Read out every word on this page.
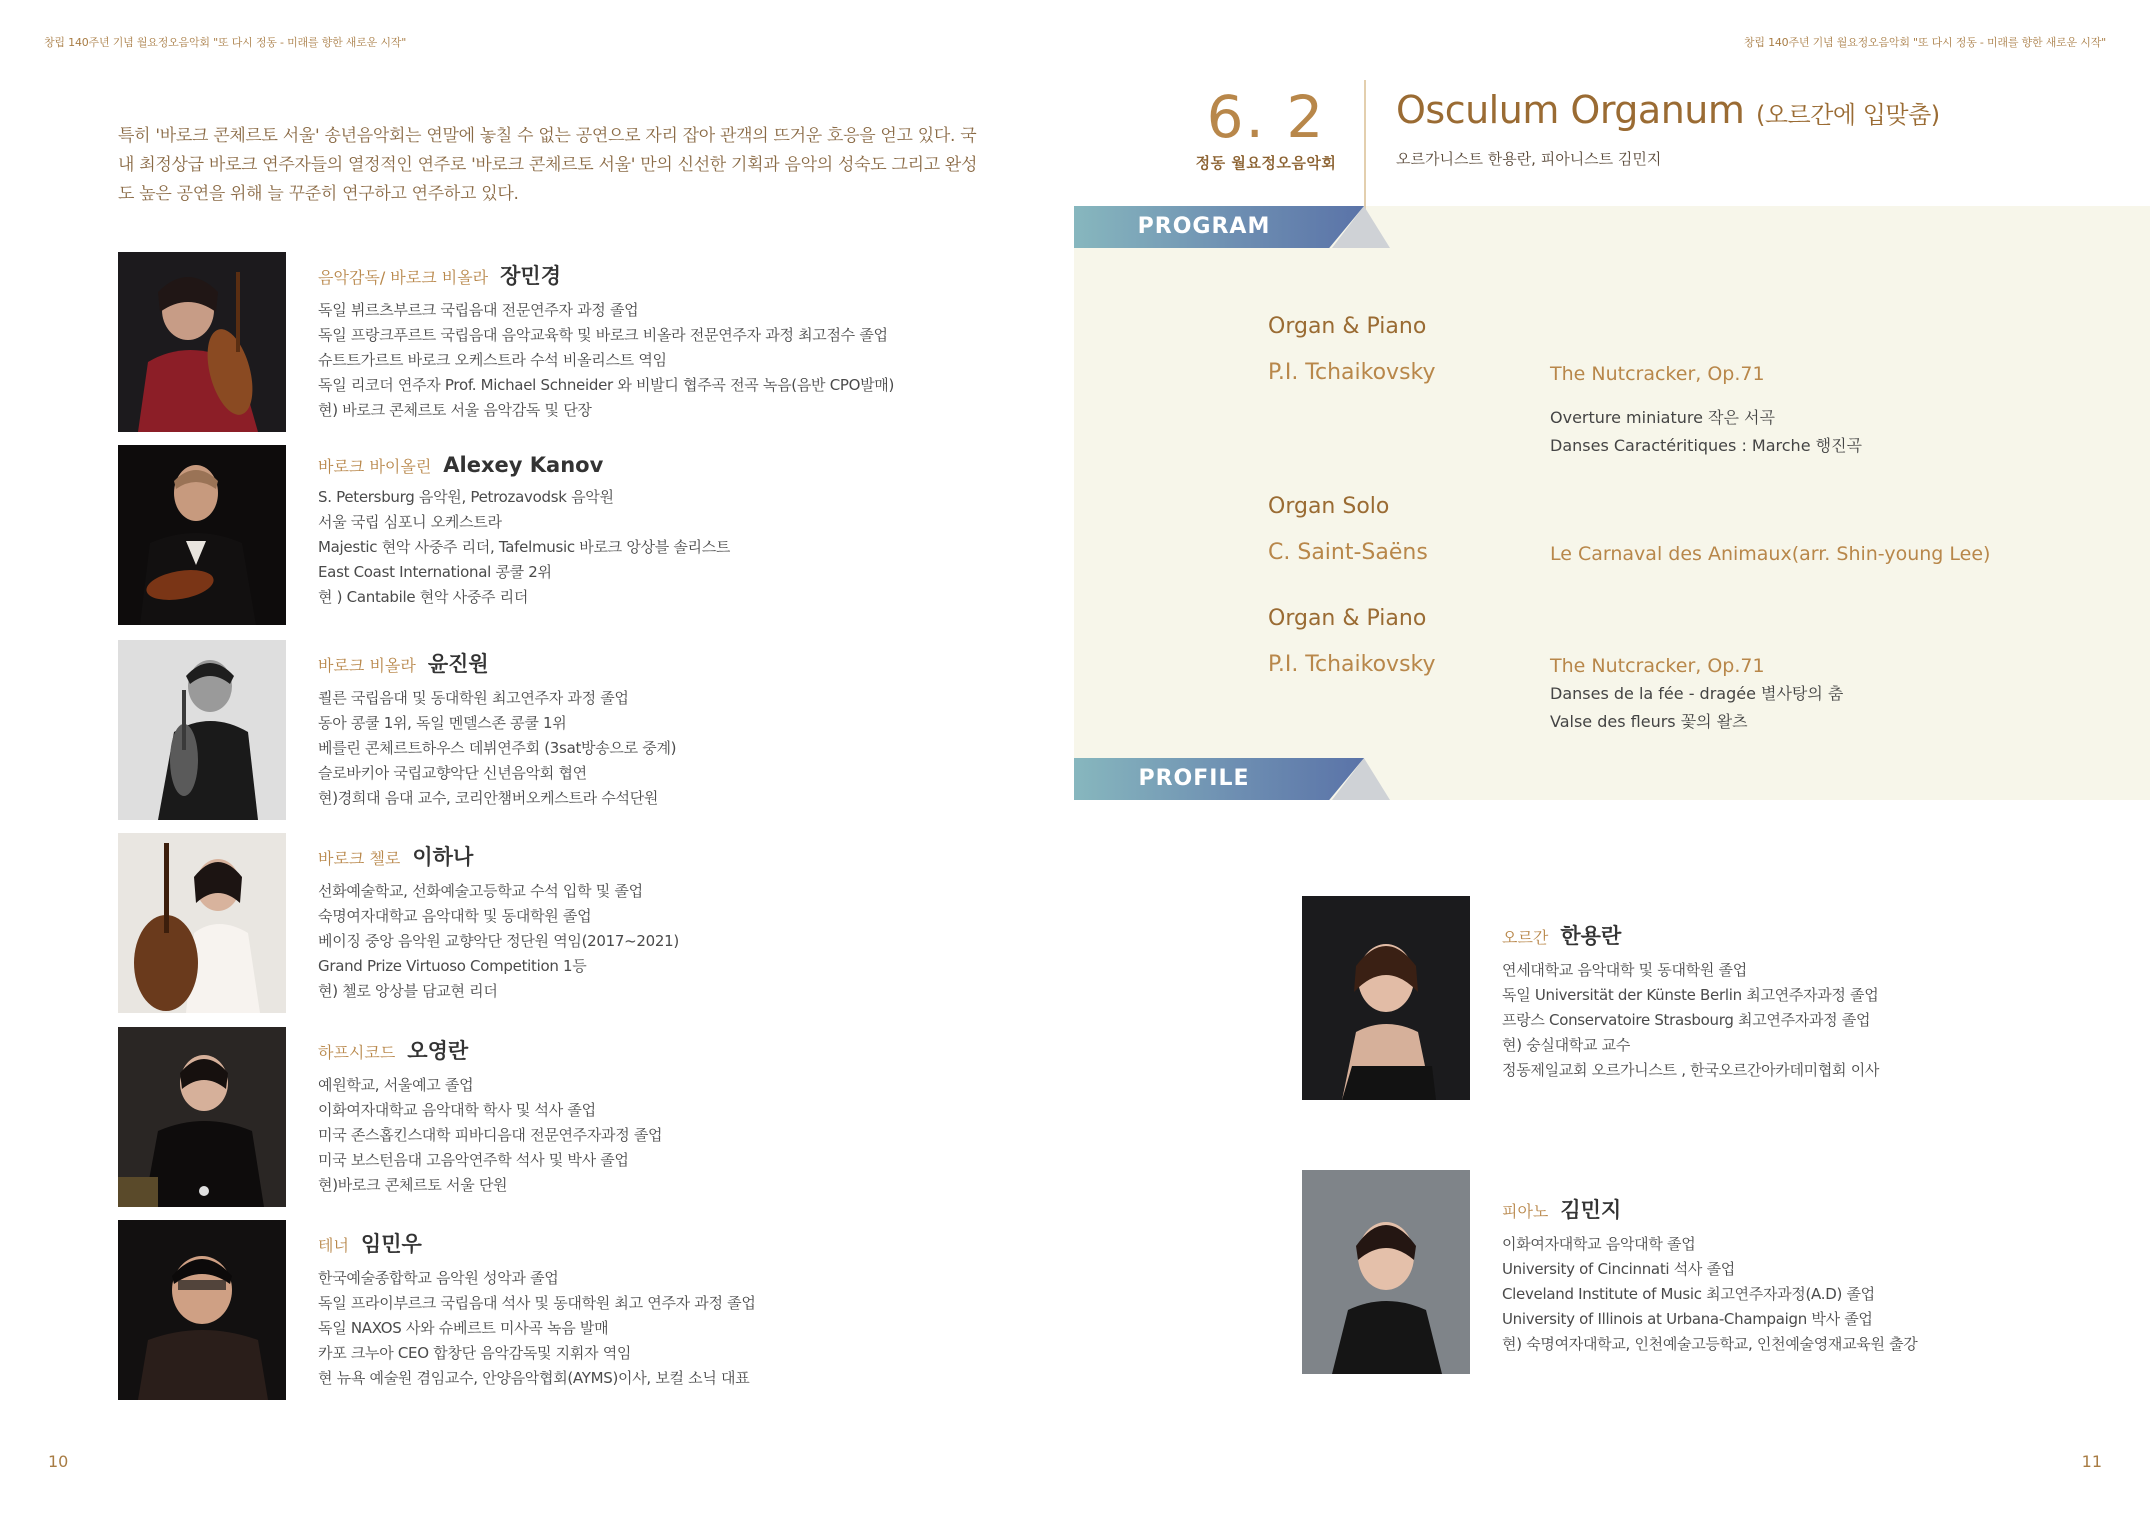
창립 140주년 기념 월요정오음악회 "또 다시 정동 - 미래를 향한 새로운 시작"	창립 140주년 기념 월요정오음악회 "또 다시 정동 - 미래를 향한 새로운 시작"

특히 '바로크 콘체르토 서울' 송년음악회는 연말에 놓칠 수 없는 공연으로 자리 잡아 관객의 뜨거운 호응을 얻고 있다. 국내 최정상급 바로크 연주자들의 열정적인 연주로 '바로크 콘체르토 서울' 만의 신선한 기획과 음악의 성숙도 그리고 완성도 높은 공연을 위해 늘 꾸준히 연구하고 연주하고 있다.

음악감독/ 바로크 비올라 장민경
독일 뷔르츠부르크 국립음대 전문연주자 과정 졸업
독일 프랑크푸르트 국립음대 음악교육학 및 바로크 비올라 전문연주자 과정 최고점수 졸업
슈트트가르트 바로크 오케스트라 수석 비올리스트 역임
독일 리코더 연주자 Prof. Michael Schneider 와 비발디 협주곡 전곡 녹음(음반 CPO발매)
현) 바로크 콘체르토 서울 음악감독 및 단장
바로크 바이올린 Alexey Kanov
S. Petersburg 음악원, Petrozavodsk 음악원
서울 국립 심포니 오케스트라
Majestic 현악 사중주 리더, Tafelmusic 바로크 앙상블 솔리스트
East Coast International 콩쿨 2위
현 ) Cantabile 현악 사중주 리더
바로크 비올라 윤진원
쾰른 국립음대 및 동대학원 최고연주자 과정 졸업
동아 콩쿨 1위, 독일 멘델스존 콩쿨 1위
베를린 콘체르트하우스 데뷔연주회 (3sat방송으로 중계)
슬로바키아 국립교향악단 신년음악회 협연
현)경희대 음대 교수, 코리안챔버오케스트라 수석단원
바로크 첼로 이하나
선화예술학교, 선화예술고등학교 수석 입학 및 졸업
숙명여자대학교 음악대학 및 동대학원 졸업
베이징 중앙 음악원 교향악단 정단원 역임(2017~2021)
Grand Prize Virtuoso Competition 1등
현) 첼로 앙상블 담교현 리더
하프시코드 오영란
예원학교, 서울예고 졸업
이화여자대학교 음악대학 학사 및 석사 졸업
미국 존스홉킨스대학 피바디음대 전문연주자과정 졸업
미국 보스턴음대 고음악연주학 석사 및 박사 졸업
현)바로크 콘체르토 서울 단원
테너 임민우
한국예술종합학교 음악원 성악과 졸업
독일 프라이부르크 국립음대 석사 및 동대학원 최고 연주자 과정 졸업
독일 NAXOS 사와 슈베르트 미사곡 녹음 발매
카포 크누아 CEO 합창단 음악감독및 지휘자 역임
현 뉴욕 예술원 겸임교수, 안양음악협회(AYMS)이사, 보컬 소닉 대표
6. 2
정동 월요정오음악회
Osculum Organum (오르간에 입맞춤)
오르가니스트 한용란, 피아니스트 김민지
PROGRAM
Organ & Piano
P.I. Tchaikovsky	The Nutcracker, Op.71
Overture miniature 작은 서곡
Danses Caractéritiques : Marche 행진곡
Organ Solo
C. Saint-Saëns	Le Carnaval des Animaux(arr. Shin-young Lee)
Organ & Piano
P.I. Tchaikovsky	The Nutcracker, Op.71
Danses de la fée - dragée 별사탕의 춤
Valse des fleurs 꽃의 왈츠
PROFILE
오르간 한용란
연세대학교 음악대학 및 동대학원 졸업
독일 Universität der Künste Berlin 최고연주자과정 졸업
프랑스 Conservatoire Strasbourg 최고연주자과정 졸업
현) 숭실대학교 교수
정동제일교회 오르가니스트 , 한국오르간아카데미협회 이사
피아노 김민지
이화여자대학교 음악대학 졸업
University of Cincinnati 석사 졸업
Cleveland Institute of Music 최고연주자과정(A.D) 졸업
University of Illinois at Urbana-Champaign 박사 졸업
현) 숙명여자대학교, 인천예술고등학교, 인천예술영재교육원 출강
10	11
